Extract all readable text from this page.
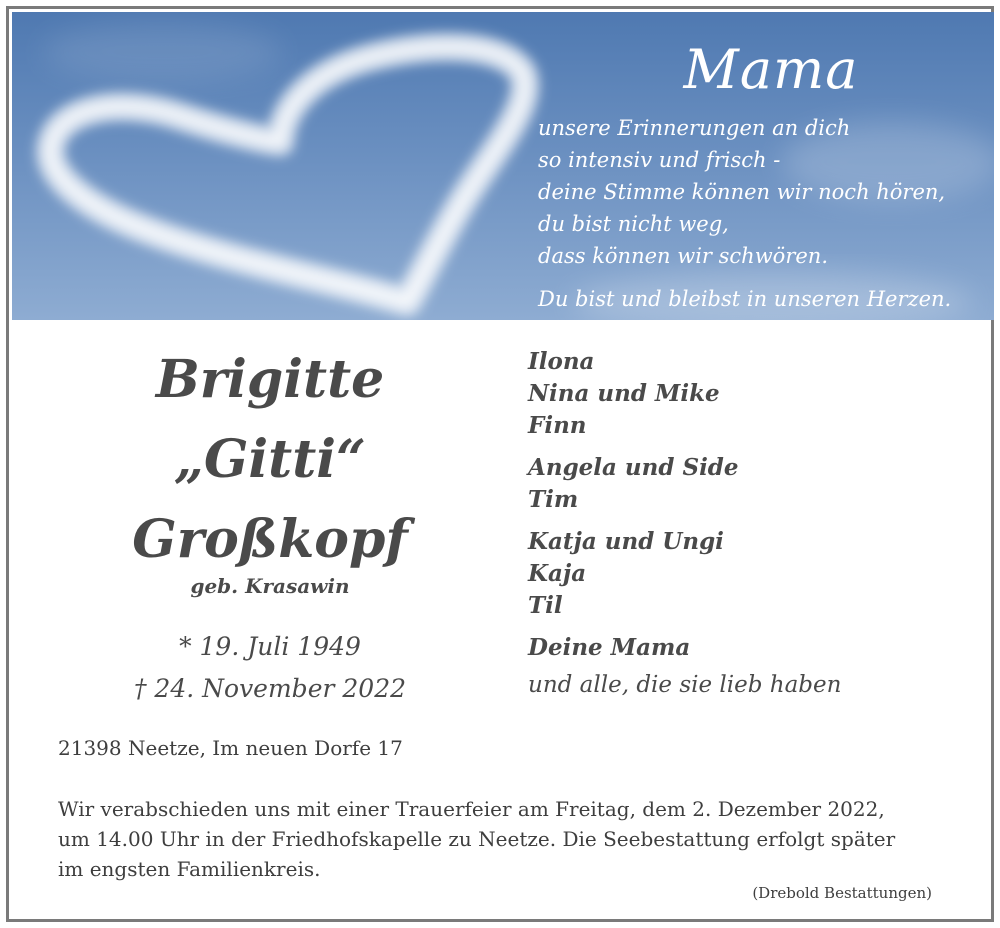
Mama
unsere Erinnerungen an dich
so intensiv und frisch -
deine Stimme können wir noch hören,
du bist nicht weg,
dass können wir schwören.
Du bist und bleibst in unseren Herzen.
Brigitte
„Gitti“
Großkopf
geb. Krasawin
* 19. Juli 1949
† 24. November 2022
Ilona
Nina und Mike
Finn
Angela und Side
Tim
Katja und Ungi
Kaja
Til
Deine Mama
und alle, die sie lieb haben
21398 Neetze, Im neuen Dorfe 17
Wir verabschieden uns mit einer Trauerfeier am Freitag, dem 2. Dezember 2022,
um 14.00 Uhr in der Friedhofskapelle zu Neetze. Die Seebestattung erfolgt später
im engsten Familienkreis.
(Drebold Bestattungen)
